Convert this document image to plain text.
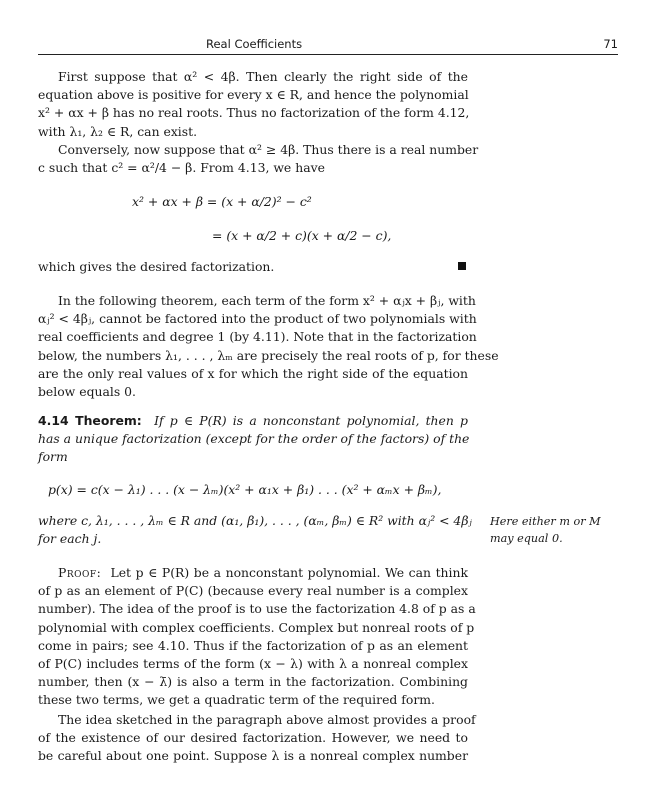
Real Coefficients	71
First suppose that α² < 4β. Then clearly the right side of the
equation above is positive for every x ∈ R, and hence the polynomial
x² + αx + β has no real roots. Thus no factorization of the form 4.12,
with λ₁, λ₂ ∈ R, can exist.
Conversely, now suppose that α² ≥ 4β. Thus there is a real number
c such that c² = α²/4 − β. From 4.13, we have
x² + αx + β = (x + α/2)² − c²
= (x + α/2 + c)(x + α/2 − c),
which gives the desired factorization.
In the following theorem, each term of the form x² + αⱼx + βⱼ, with
αⱼ² < 4βⱼ, cannot be factored into the product of two polynomials with
real coefficients and degree 1 (by 4.11). Note that in the factorization
below, the numbers λ₁, . . . , λₘ are precisely the real roots of p, for these
are the only real values of x for which the right side of the equation
below equals 0.
4.14 Theorem: If p ∈ P(R) is a nonconstant polynomial, then p
has a unique factorization (except for the order of the factors) of the
form
p(x) = c(x − λ₁) . . . (x − λₘ)(x² + α₁x + β₁) . . . (x² + αₘx + βₘ),
where c, λ₁, . . . , λₘ ∈ R and (α₁, β₁), . . . , (αₘ, βₘ) ∈ R² with αⱼ² < 4βⱼ
for each j.
Here either m or M
may equal 0.
Proof: Let p ∈ P(R) be a nonconstant polynomial. We can think
of p as an element of P(C) (because every real number is a complex
number). The idea of the proof is to use the factorization 4.8 of p as a
polynomial with complex coefficients. Complex but nonreal roots of p
come in pairs; see 4.10. Thus if the factorization of p as an element
of P(C) includes terms of the form (x − λ) with λ a nonreal complex
number, then (x − λ̄) is also a term in the factorization. Combining
these two terms, we get a quadratic term of the required form.
The idea sketched in the paragraph above almost provides a proof
of the existence of our desired factorization. However, we need to
be careful about one point. Suppose λ is a nonreal complex number
